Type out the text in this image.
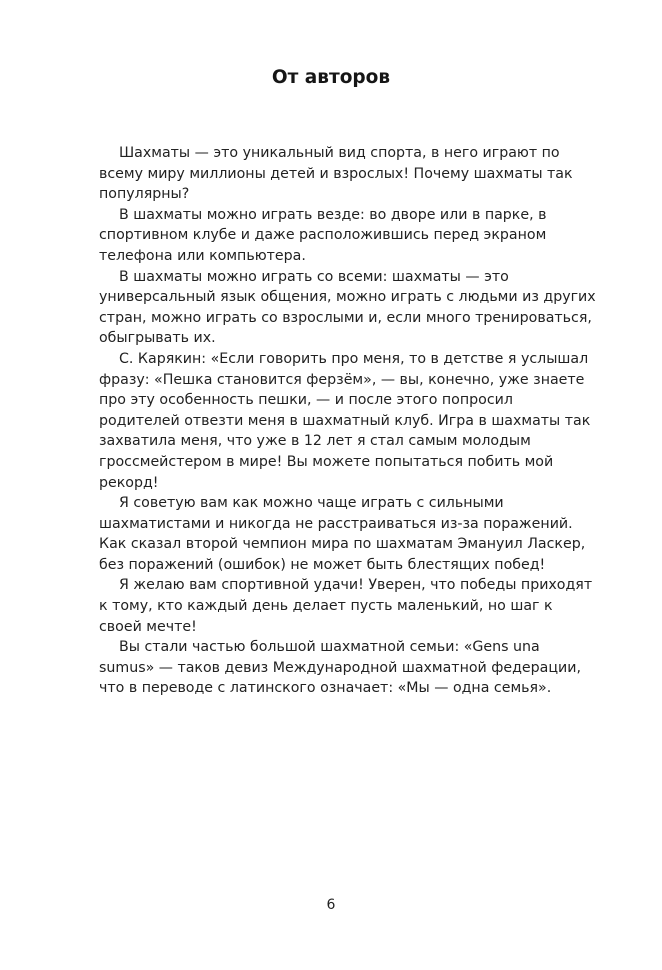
От авторов

Шахматы — это уникальный вид спорта, в него играют по всему миру миллионы детей и взрослых! Почему шахматы так популярны?

В шахматы можно играть везде: во дворе или в парке, в спортивном клубе и даже расположившись перед экраном телефона или компьютера.

В шахматы можно играть со всеми: шахматы — это универсальный язык общения, можно играть с людьми из других стран, можно играть со взрослыми и, если много тренироваться, обыгрывать их.

С. Карякин: «Если говорить про меня, то в детстве я услышал фразу: «Пешка становится ферзём», — вы, конечно, уже знаете про эту особенность пешки, — и после этого попросил родителей отвезти меня в шахматный клуб. Игра в шахматы так захватила меня, что уже в 12 лет я стал самым молодым гроссмейстером в мире! Вы можете попытаться побить мой рекорд!

Я советую вам как можно чаще играть с сильными шахматистами и никогда не расстраиваться из-за поражений. Как сказал второй чемпион мира по шахматам Эмануил Ласкер, без поражений (ошибок) не может быть блестящих побед!

Я желаю вам спортивной удачи! Уверен, что победы приходят к тому, кто каждый день делает пусть маленький, но шаг к своей мечте!

Вы стали частью большой шахматной семьи: «Gens una sumus» — таков девиз Международной шахматной федерации, что в переводе с латинского означает: «Мы — одна семья».

6
